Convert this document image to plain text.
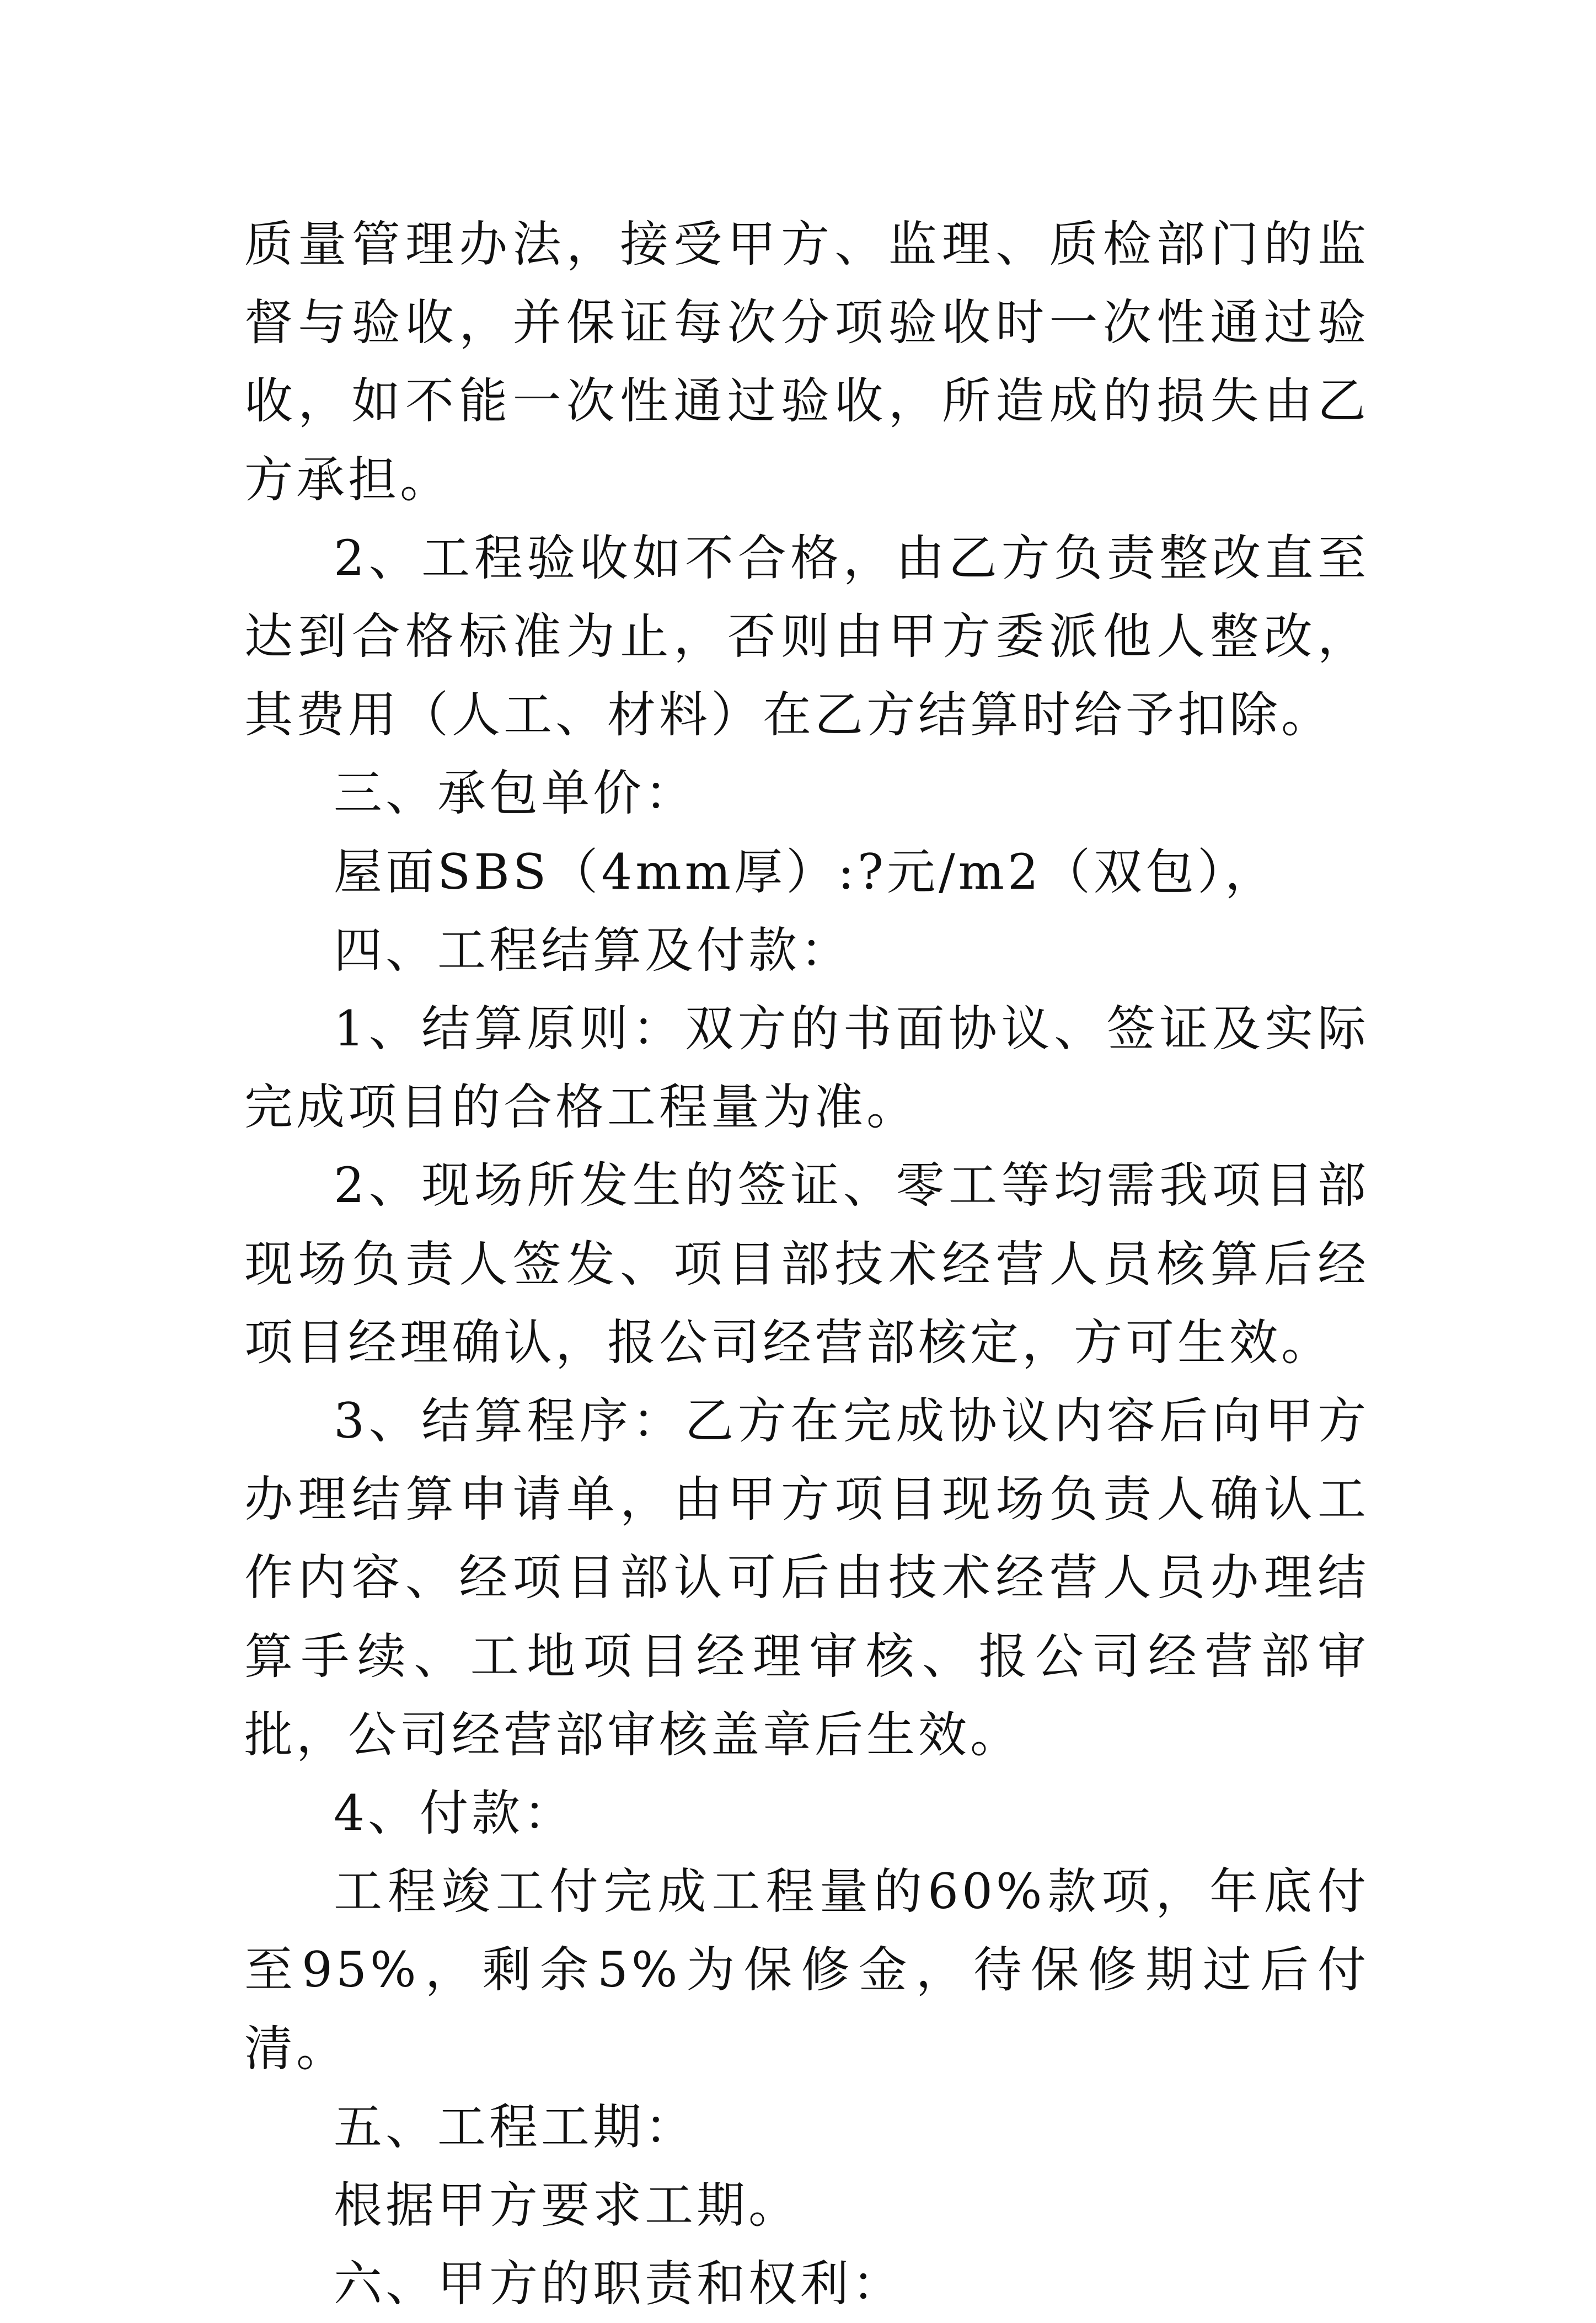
质量管理办法，接受甲方、监理、质检部门的监督与验收，并保证每次分项验收时一次性通过验收，如不能一次性通过验收，所造成的损失由乙方承担。

2、工程验收如不合格，由乙方负责整改直至达到合格标准为止，否则由甲方委派他人整改，其费用（人工、材料）在乙方结算时给予扣除。

三、承包单价：

屋面SBS（4mm厚）:?元/m2（双包），

四、工程结算及付款：

1、结算原则：双方的书面协议、签证及实际完成项目的合格工程量为准。

2、现场所发生的签证、零工等均需我项目部现场负责人签发、项目部技术经营人员核算后经项目经理确认，报公司经营部核定，方可生效。

3、结算程序：乙方在完成协议内容后向甲方办理结算申请单，由甲方项目现场负责人确认工作内容、经项目部认可后由技术经营人员办理结算手续、工地项目经理审核、报公司经营部审批，公司经营部审核盖章后生效。

4、付款：

工程竣工付完成工程量的60%款项，年底付至95%，剩余5%为保修金，待保修期过后付清。

五、工程工期：

根据甲方要求工期。

六、甲方的职责和权利：
